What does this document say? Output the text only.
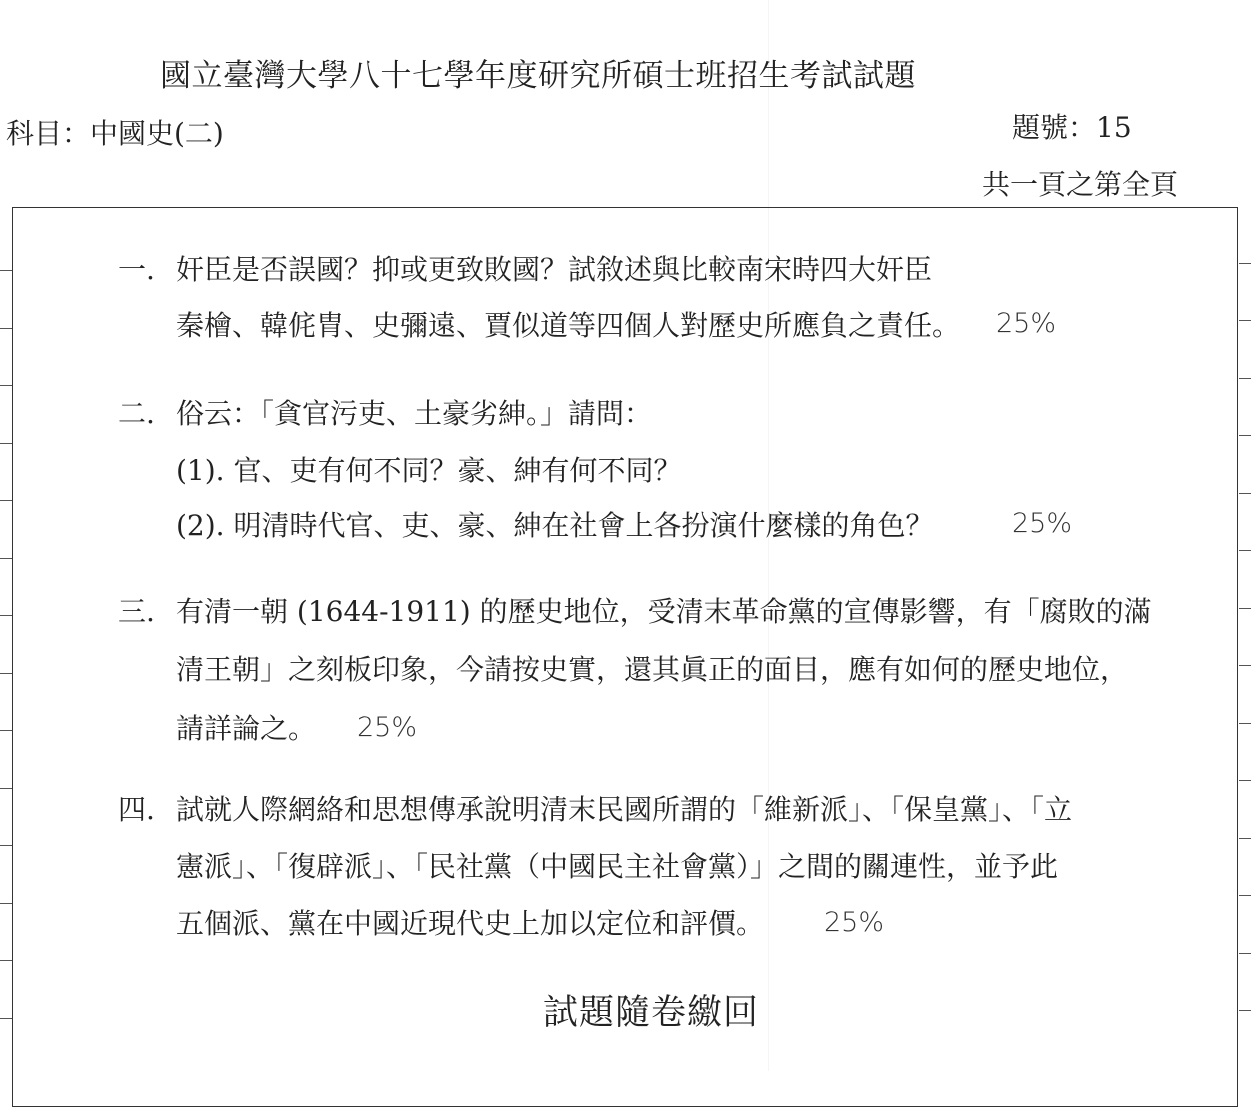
國立臺灣大學八十七學年度研究所碩士班招生考試試題
科目：中國史(二)	題號：15
共一頁之第全頁
一. 奸臣是否誤國？抑或更致敗國？試敘述與比較南宋時四大奸臣
秦檜、韓侂胄、史彌遠、賈似道等四個人對歷史所應負之責任。 25%
二. 俗云：「貪官污吏、土豪劣紳。」請問：
(1). 官、吏有何不同？豪、紳有何不同？
(2). 明清時代官、吏、豪、紳在社會上各扮演什麼樣的角色？	25%
三. 有清一朝 (1644-1911) 的歷史地位，受清末革命黨的宣傳影響，有「腐敗的滿
清王朝」之刻板印象，今請按史實，還其眞正的面目，應有如何的歷史地位，
請詳論之。 25%
四. 試就人際網絡和思想傳承說明清末民國所謂的「維新派」、「保皇黨」、「立
憲派」、「復辟派」、「民社黨（中國民主社會黨）」之間的關連性，並予此
五個派、黨在中國近現代史上加以定位和評價。 25%
試題隨卷繳回
